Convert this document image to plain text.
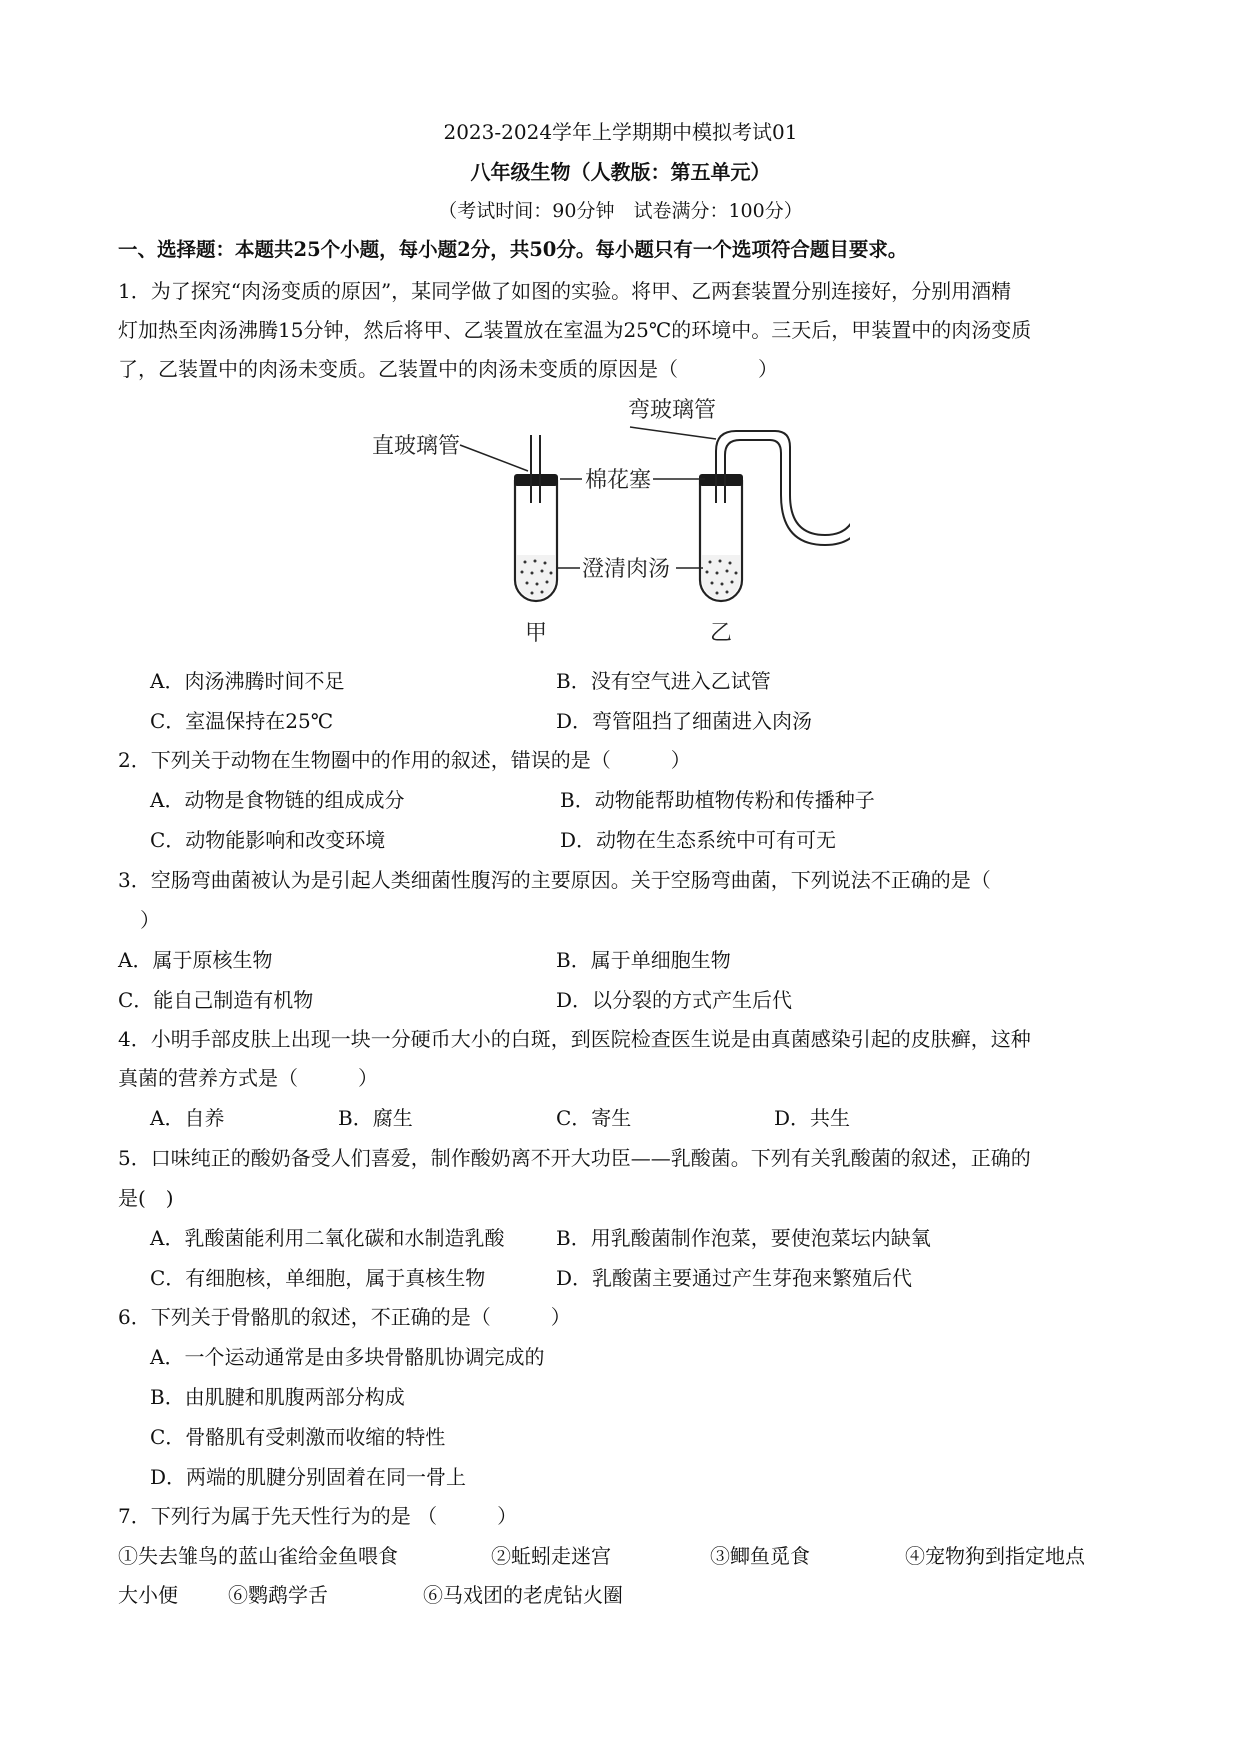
2023-2024学年上学期期中模拟考试01
八年级生物（人教版：第五单元）
（考试时间：90分钟　试卷满分：100分）
一、选择题：本题共25个小题，每小题2分，共50分。每小题只有一个选项符合题目要求。
1．为了探究“肉汤变质的原因”，某同学做了如图的实验。将甲、乙两套装置分别连接好，分别用酒精
灯加热至肉汤沸腾15分钟，然后将甲、乙装置放在室温为25℃的环境中。三天后，甲装置中的肉汤变质
了，乙装置中的肉汤未变质。乙装置中的肉汤未变质的原因是（　　　　）
直玻璃管
弯玻璃管
棉花塞
澄清肉汤
甲	乙
A．肉汤沸腾时间不足	B．没有空气进入乙试管
C．室温保持在25℃	D．弯管阻挡了细菌进入肉汤
2．下列关于动物在生物圈中的作用的叙述，错误的是（　　　）
A．动物是食物链的组成成分	B．动物能帮助植物传粉和传播种子
C．动物能影响和改变环境	D．动物在生态系统中可有可无
3．空肠弯曲菌被认为是引起人类细菌性腹泻的主要原因。关于空肠弯曲菌，下列说法不正确的是（
）
A．属于原核生物	B．属于单细胞生物
C．能自己制造有机物	D．以分裂的方式产生后代
4．小明手部皮肤上出现一块一分硬币大小的白斑，到医院检查医生说是由真菌感染引起的皮肤癣，这种
真菌的营养方式是（　　　）
A．自养	B．腐生	C．寄生	D．共生
5．口味纯正的酸奶备受人们喜爱，制作酸奶离不开大功臣——乳酸菌。下列有关乳酸菌的叙述，正确的
是(　)
A．乳酸菌能利用二氧化碳和水制造乳酸	B．用乳酸菌制作泡菜，要使泡菜坛内缺氧
C．有细胞核，单细胞，属于真核生物	D．乳酸菌主要通过产生芽孢来繁殖后代
6．下列关于骨骼肌的叙述，不正确的是（　　　）
A．一个运动通常是由多块骨骼肌协调完成的
B．由肌腱和肌腹两部分构成
C．骨骼肌有受刺激而收缩的特性
D．两端的肌腱分别固着在同一骨上
7．下列行为属于先天性行为的是 （　　　）
①失去雏鸟的蓝山雀给金鱼喂食	②蚯蚓走迷宫	③鲫鱼觅食	④宠物狗到指定地点
大小便	⑥鹦鹉学舌	⑥马戏团的老虎钻火圈
